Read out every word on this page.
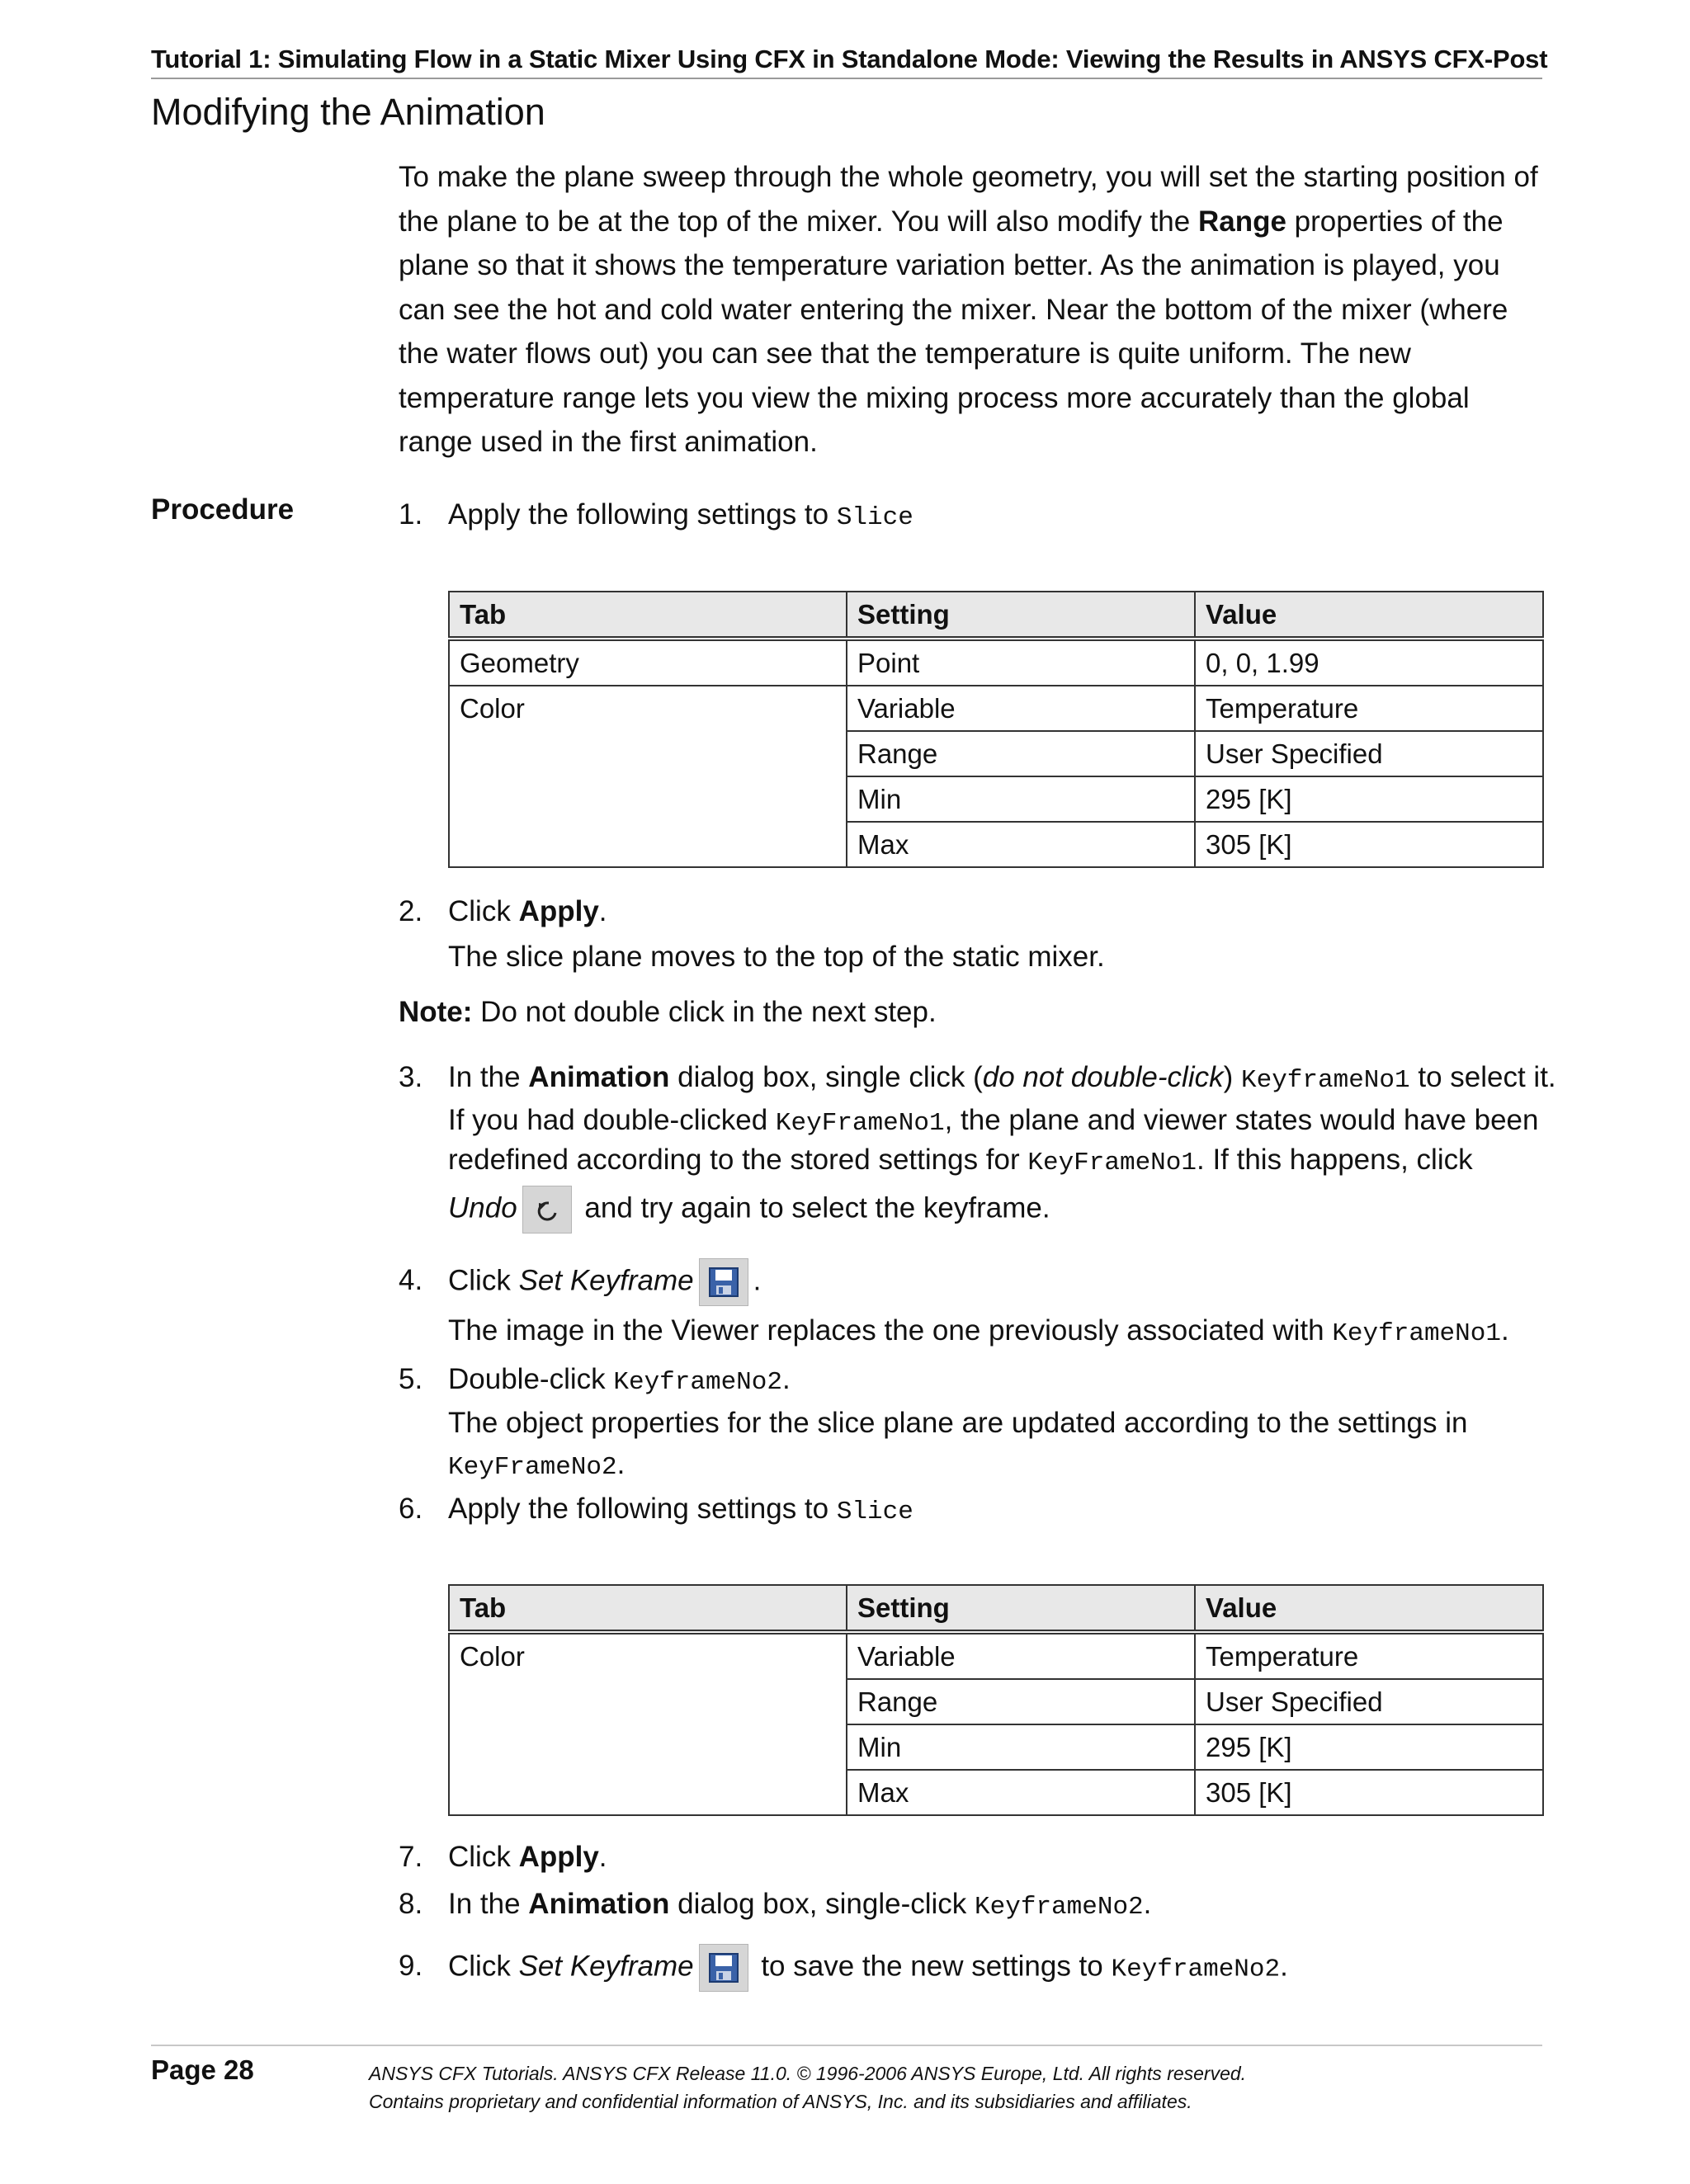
Tutorial 1: Simulating Flow in a Static Mixer Using CFX in Standalone Mode: Viewing the Results in ANSYS CFX-Post
Modifying the Animation

To make the plane sweep through the whole geometry, you will set the starting position of the plane to be at the top of the mixer. You will also modify the Range properties of the plane so that it shows the temperature variation better. As the animation is played, you can see the hot and cold water entering the mixer. Near the bottom of the mixer (where the water flows out) you can see that the temperature is quite uniform. The new temperature range lets you view the mixing process more accurately than the global range used in the first animation.

Procedure	1. Apply the following settings to Slice
Tab	Setting	Value
Geometry	Point	0, 0, 1.99
Color	Variable	Temperature
	Range	User Specified
	Min	295 [K]
	Max	305 [K]
2. Click Apply.
The slice plane moves to the top of the static mixer.
Note: Do not double click in the next step.
3. In the Animation dialog box, single click (do not double-click) KeyframeNo1 to select it.
If you had double-clicked KeyFrameNo1, the plane and viewer states would have been
redefined according to the stored settings for KeyFrameNo1. If this happens, click
Undo
and try again to select the keyframe.
4. Click Set Keyframe .
The image in the Viewer replaces the one previously associated with KeyframeNo1.
5. Double-click KeyframeNo2.
The object properties for the slice plane are updated according to the settings in
KeyFrameNo2.
6. Apply the following settings to Slice
Tab	Setting	Value
Color	Variable	Temperature
	Range	User Specified
	Min	295 [K]
	Max	305 [K]
7. Click Apply.
8. In the Animation dialog box, single-click KeyframeNo2.
9. Click Set Keyframe
to save the new settings to KeyframeNo2.
Page 28	ANSYS CFX Tutorials. ANSYS CFX Release 11.0. © 1996-2006 ANSYS Europe, Ltd. All rights reserved.
Contains proprietary and confidential information of ANSYS, Inc. and its subsidiaries and affiliates.
